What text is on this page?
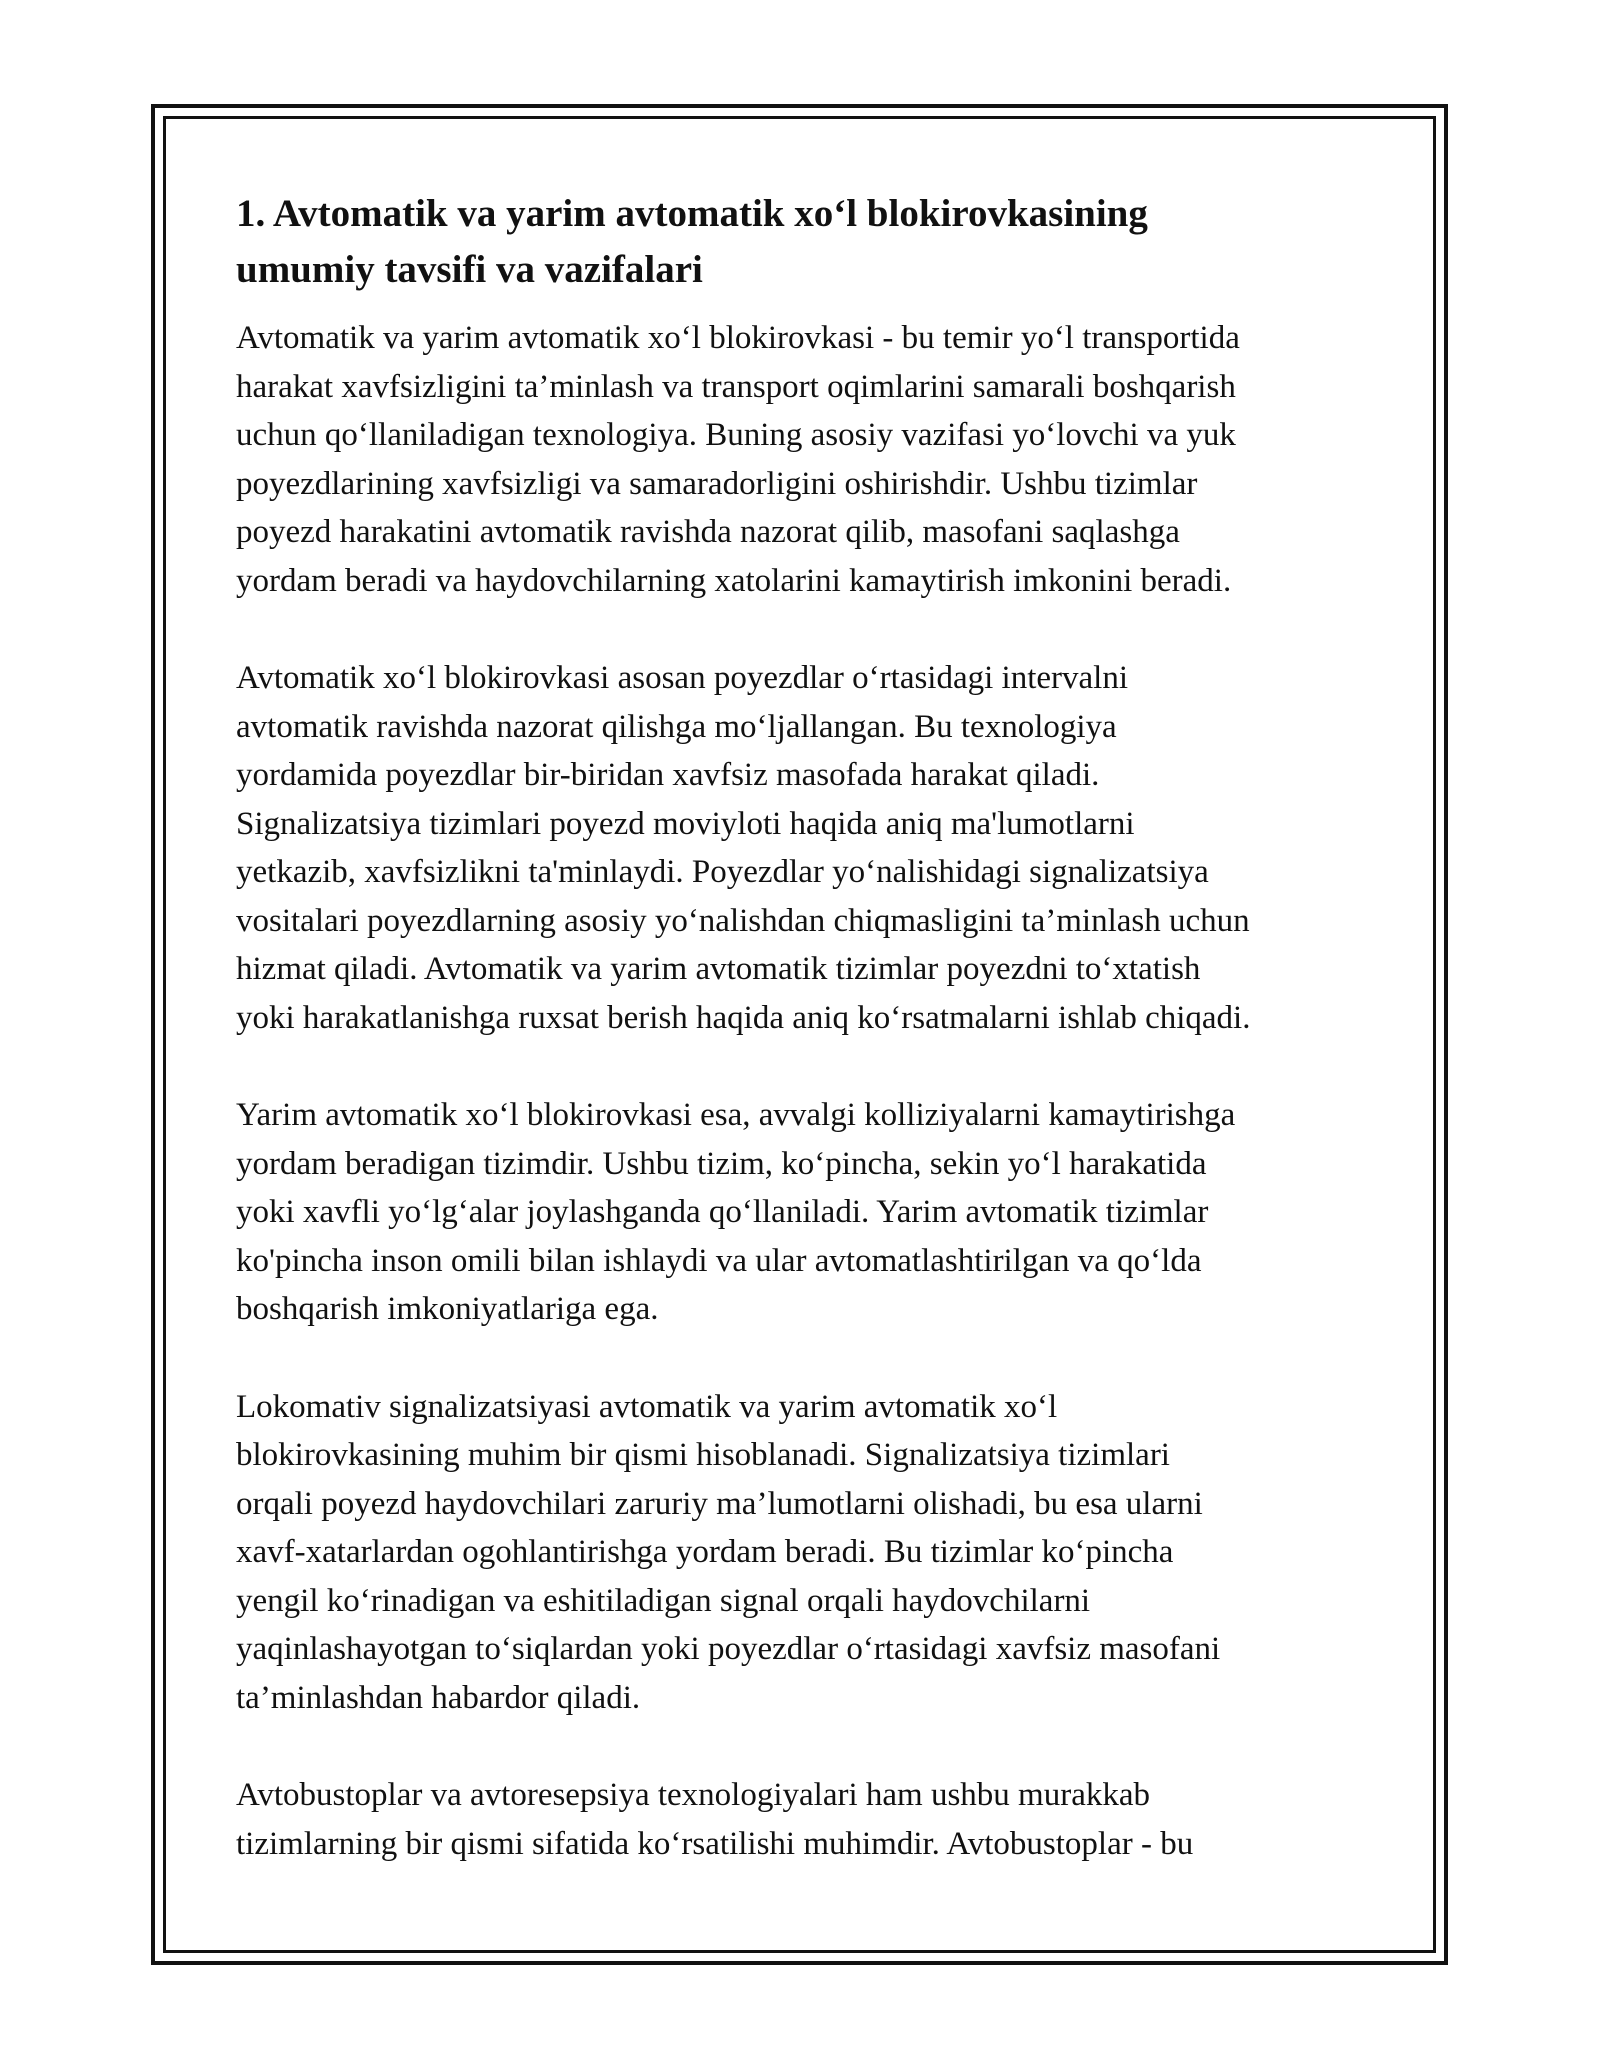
1. Avtomatik va yarim avtomatik xo‘l blokirovkasining
umumiy tavsifi va vazifalari

Avtomatik va yarim avtomatik xo‘l blokirovkasi - bu temir yo‘l transportida
harakat xavfsizligini ta’minlash va transport oqimlarini samarali boshqarish
uchun qo‘llaniladigan texnologiya. Buning asosiy vazifasi yo‘lovchi va yuk
poyezdlarining xavfsizligi va samaradorligini oshirishdir. Ushbu tizimlar
poyezd harakatini avtomatik ravishda nazorat qilib, masofani saqlashga
yordam beradi va haydovchilarning xatolarini kamaytirish imkonini beradi.

Avtomatik xo‘l blokirovkasi asosan poyezdlar o‘rtasidagi intervalni
avtomatik ravishda nazorat qilishga mo‘ljallangan. Bu texnologiya
yordamida poyezdlar bir-biridan xavfsiz masofada harakat qiladi.
Signalizatsiya tizimlari poyezd moviyloti haqida aniq ma'lumotlarni
yetkazib, xavfsizlikni ta'minlaydi. Poyezdlar yo‘nalishidagi signalizatsiya
vositalari poyezdlarning asosiy yo‘nalishdan chiqmasligini ta’minlash uchun
hizmat qiladi. Avtomatik va yarim avtomatik tizimlar poyezdni to‘xtatish
yoki harakatlanishga ruxsat berish haqida aniq ko‘rsatmalarni ishlab chiqadi.

Yarim avtomatik xo‘l blokirovkasi esa, avvalgi kolliziyalarni kamaytirishga
yordam beradigan tizimdir. Ushbu tizim, ko‘pincha, sekin yo‘l harakatida
yoki xavfli yo‘lg‘alar joylashganda qo‘llaniladi. Yarim avtomatik tizimlar
ko'pincha inson omili bilan ishlaydi va ular avtomatlashtirilgan va qo‘lda
boshqarish imkoniyatlariga ega.

Lokomativ signalizatsiyasi avtomatik va yarim avtomatik xo‘l
blokirovkasining muhim bir qismi hisoblanadi. Signalizatsiya tizimlari
orqali poyezd haydovchilari zaruriy ma’lumotlarni olishadi, bu esa ularni
xavf-xatarlardan ogohlantirishga yordam beradi. Bu tizimlar ko‘pincha
yengil ko‘rinadigan va eshitiladigan signal orqali haydovchilarni
yaqinlashayotgan to‘siqlardan yoki poyezdlar o‘rtasidagi xavfsiz masofani
ta’minlashdan habardor qiladi.

Avtobustoplar va avtoresepsiya texnologiyalari ham ushbu murakkab
tizimlarning bir qismi sifatida ko‘rsatilishi muhimdir. Avtobustoplar - bu
